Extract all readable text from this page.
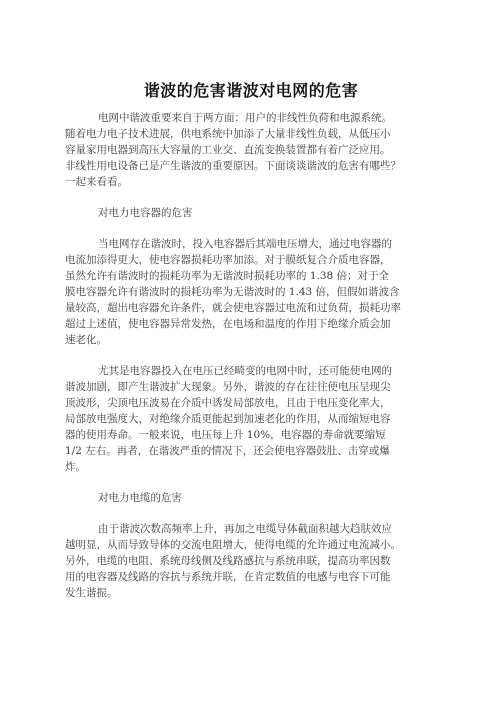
谐波的危害谐波对电网的危害

电网中谐波重要来自于两方面：用户的非线性负荷和电源系统。

随着电力电子技术进展，供电系统中加添了大量非线性负载，从低压小

容量家用电器到高压大容量的工业交、直流变换装置都有着广泛应用。

非线性用电设备已是产生谐波的重要原因。下面谈谈谐波的危害有哪些？

一起来看看。

对电力电容器的危害

当电网存在谐波时，投入电容器后其端电压增大，通过电容器的

电流加添得更大，使电容器损耗功率加添。对于膜纸复合介质电容器，

虽然允许有谐波时的损耗功率为无谐波时损耗功率的 1.38 倍；对于全

膜电容器允许有谐波时的损耗功率为无谐波时的 1.43 倍，但假如谐波含

量较高，超出电容器允许条件，就会使电容器过电流和过负荷，损耗功率

超过上述值，使电容器异常发热，在电场和温度的作用下绝缘介质会加

速老化。

尤其是电容器投入在电压已经畸变的电网中时，还可能使电网的

谐波加剧，即产生谐波扩大现象。另外，谐波的存在往往使电压呈现尖

顶波形，尖顶电压波易在介质中诱发局部放电，且由于电压变化率大，

局部放电强度大，对绝缘介质更能起到加速老化的作用，从而缩短电容

器的使用寿命。一般来说，电压每上升 10%，电容器的寿命就要缩短

1/2 左右。再者，在谐波严重的情况下，还会使电容器鼓肚、击穿或爆

炸。

对电力电缆的危害

由于谐波次数高频率上升，再加之电缆导体截面积越大趋肤效应

越明显，从而导致导体的交流电阻增大，使得电缆的允许通过电流减小。

另外，电缆的电阻、系统母线侧及线路感抗与系统串联，提高功率因数

用的电容器及线路的容抗与系统并联，在肯定数值的电感与电容下可能

发生谐振。
